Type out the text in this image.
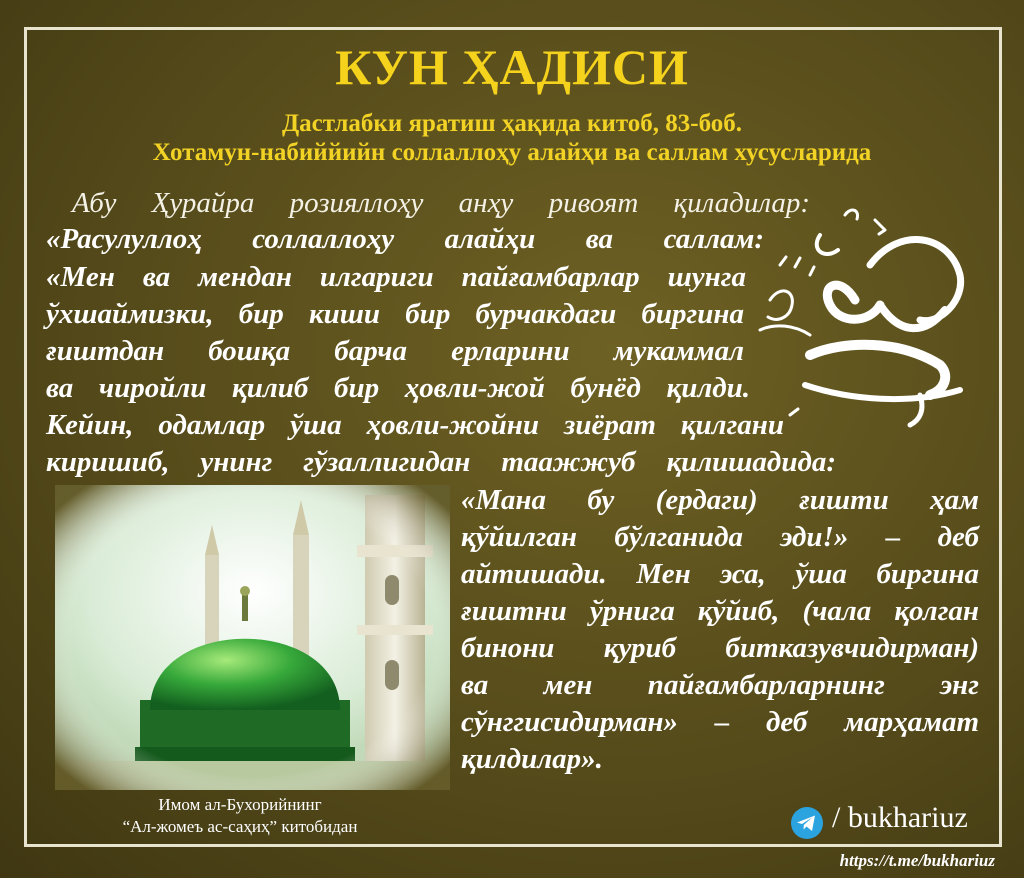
КУН ҲАДИСИ

Дастлабки яратиш ҳақида китоб, 83-боб.

Хотамун-набиййийн соллаллоҳу алайҳи ва саллам хусусларида

Абу Ҳурайра розияллоҳу анҳу ривоят қиладилар:

«Расулуллоҳ соллаллоҳу алайҳи ва саллам:

«Мен ва мендан илгариги пайғамбарлар шунга

ўхшаймизки, бир киши бир бурчакдаги биргина

ғиштдан бошқа барча ерларини мукаммал

ва чиройли қилиб бир ҳовли-жой бунёд қилди.

Кейин, одамлар ўша ҳовли-жойни зиёрат қилгани

киришиб, унинг гўзаллигидан таажжуб қилишадида:

«Мана бу (ердаги) ғишти ҳам

қўйилган бўлганида эди!» – деб

айтишади. Мен эса, ўша биргина

ғиштни ўрнига қўйиб, (чала қолган

бинони қуриб битказувчидирман)

ва мен пайғамбарларнинг энг

сўнггисидирман» – деб марҳамат

қилдилар».

Имом ал-Бухорийнинг

“Ал-жомеъ ас-саҳиҳ” китобидан	/ bukhariuz
https://t.me/bukhariuz
